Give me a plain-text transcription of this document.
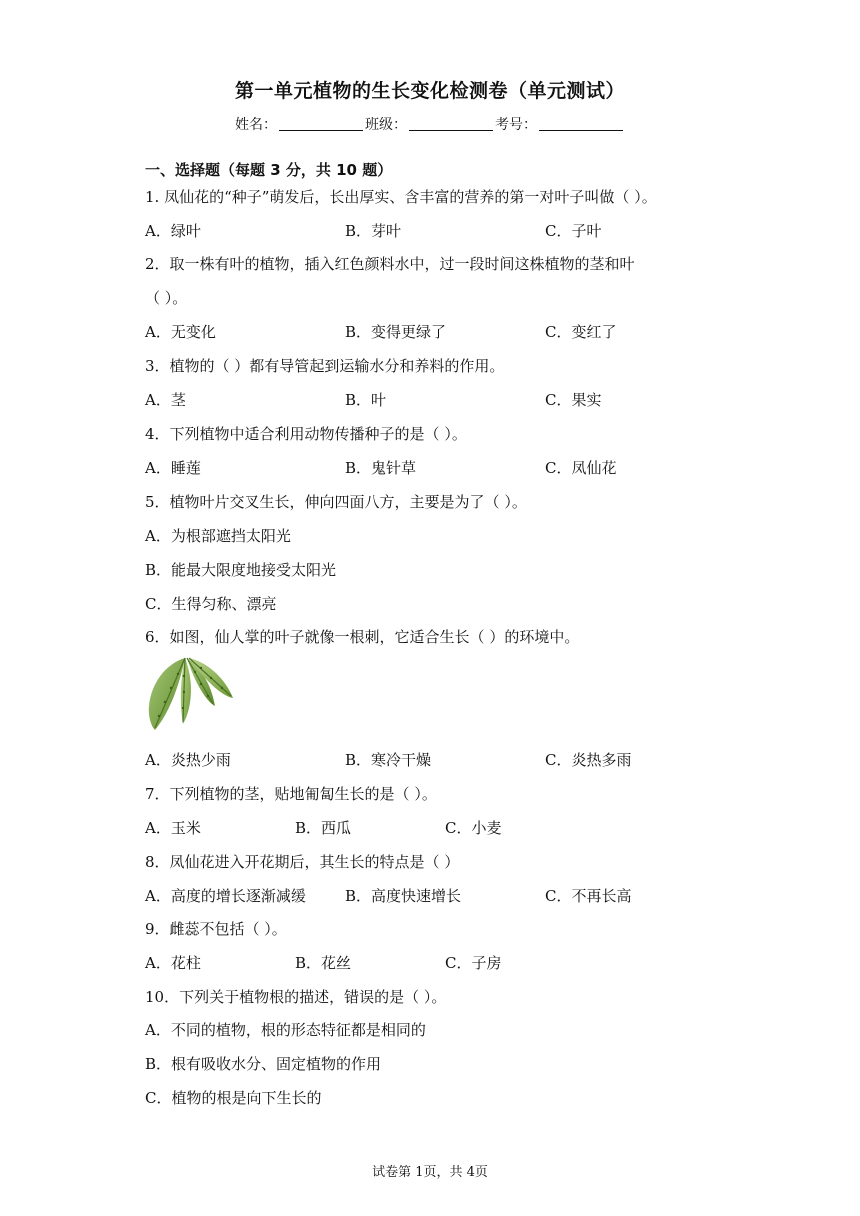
第一单元植物的生长变化检测卷（单元测试）
姓名：	班级：	考号：
一、选择题（每题 3 分，共 10 题）
1. 凤仙花的“种子”萌发后，长出厚实、含丰富的营养的第一对叶子叫做（ ）。
A．绿叶	B．芽叶	C．子叶
2．取一株有叶的植物，插入红色颜料水中，过一段时间这株植物的茎和叶
（ ）。
A．无变化	B．变得更绿了	C．变红了
3．植物的（ ）都有导管起到运输水分和养料的作用。
A．茎	B．叶	C．果实
4．下列植物中适合利用动物传播种子的是（ ）。
A．睡莲	B．鬼针草	C．凤仙花
5．植物叶片交叉生长，伸向四面八方，主要是为了（ ）。
A．为根部遮挡太阳光
B．能最大限度地接受太阳光
C．生得匀称、漂亮
6．如图，仙人掌的叶子就像一根刺，它适合生长（ ）的环境中。
A．炎热少雨	B．寒冷干燥	C．炎热多雨
7．下列植物的茎，贴地匍匐生长的是（ ）。
A．玉米	B．西瓜	C．小麦
8．凤仙花进入开花期后，其生长的特点是（ ）
A．高度的增长逐渐减缓	B．高度快速增长	C．不再长高
9．雌蕊不包括（ ）。
A．花柱	B．花丝	C．子房
10．下列关于植物根的描述，错误的是（ ）。
A．不同的植物，根的形态特征都是相同的
B．根有吸收水分、固定植物的作用
C．植物的根是向下生长的
试卷第 1页，共 4页
